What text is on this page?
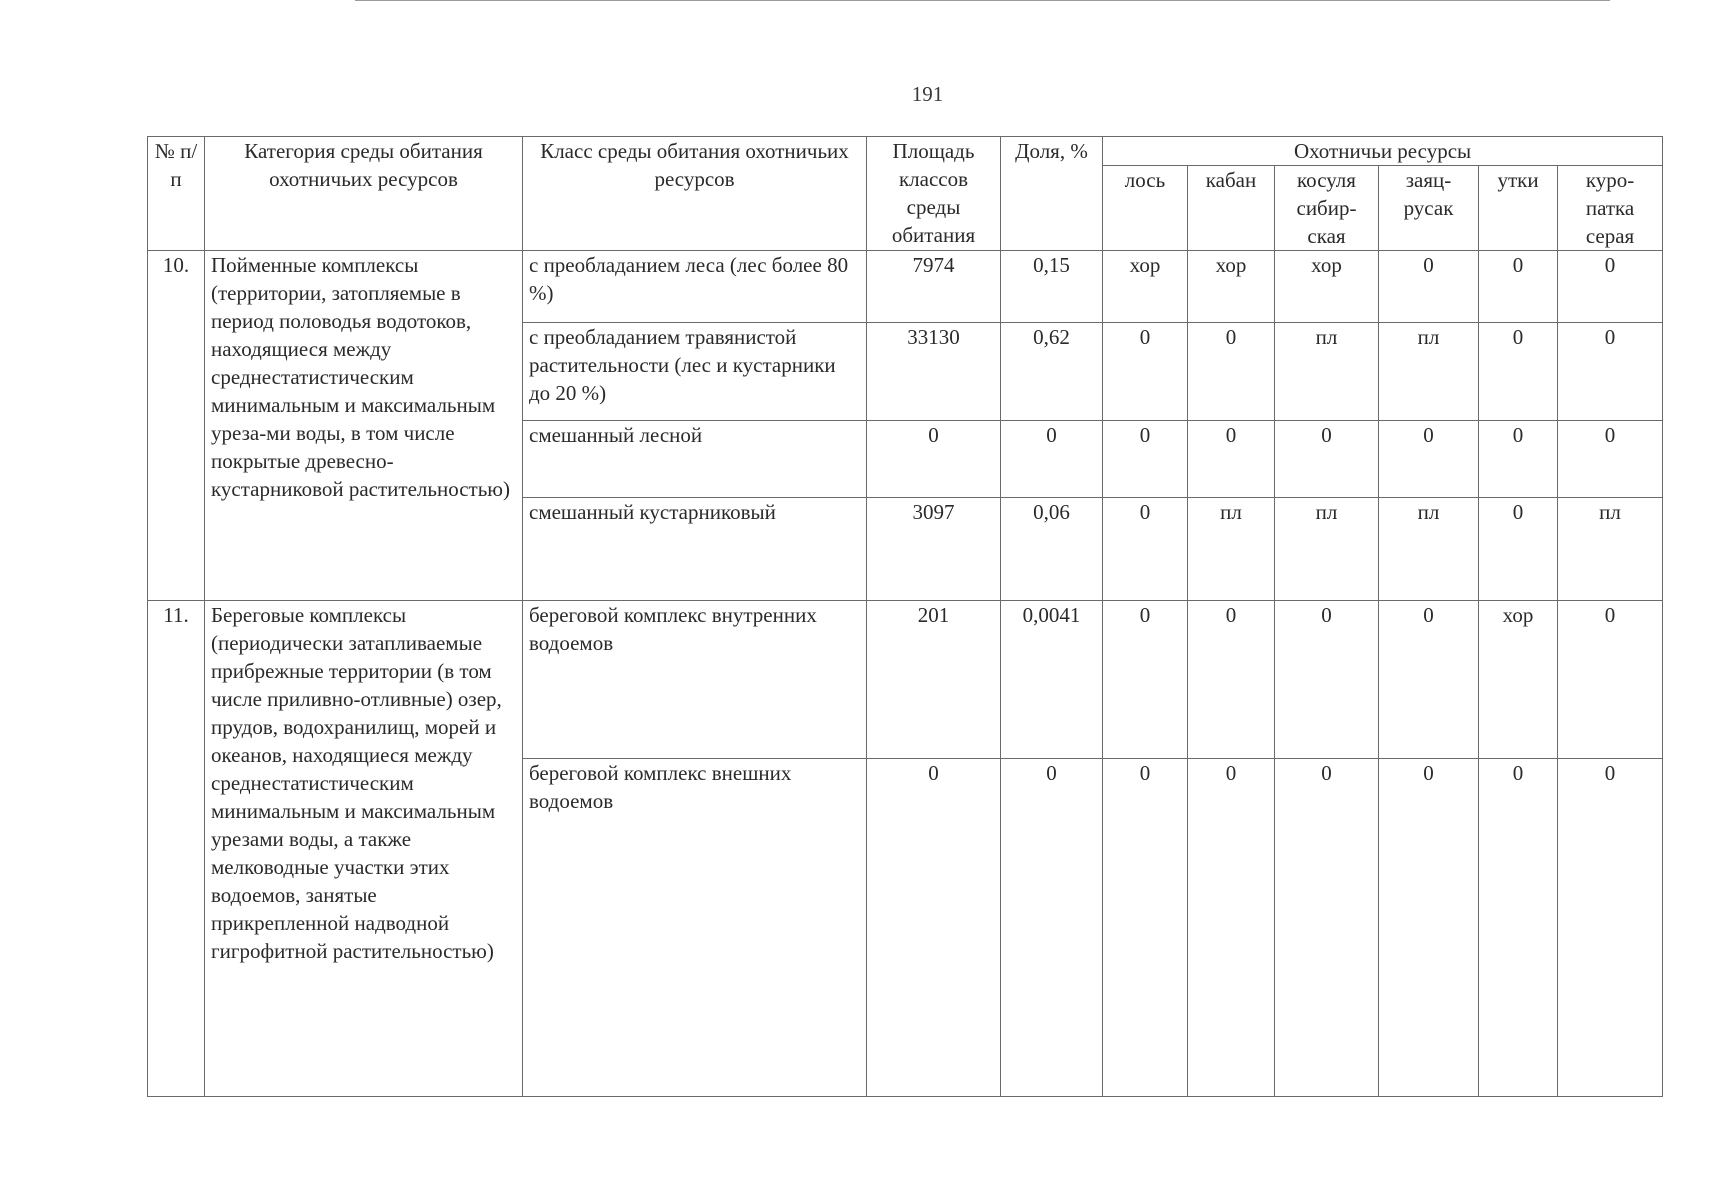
191
№ п/п	Категория среды обитания охотничьих ресурсов	Класс среды обитания охотничьих ресурсов	Площадь классов среды обитания	Доля, %	Охотничьи ресурсы					
					лось	кабан	косуля сибир-ская	заяц-русак	утки	куро-патка серая
10.	Пойменные комплексы (территории, затопляемые в период половодья водотоков, находящиеся между среднестатистическим минимальным и максимальным уреза-ми воды, в том числе покрытые древесно-кустарниковой растительностью)	с преобладанием леса (лес более 80 %)	7974	0,15	хор	хор	хор	0	0	0
		с преобладанием травянистой растительности (лес и кустарники до 20 %)	33130	0,62	0	0	пл	пл	0	0
		смешанный лесной	0	0	0	0	0	0	0	0
		смешанный кустарниковый	3097	0,06	0	пл	пл	пл	0	пл
11.	Береговые комплексы (периодически затапливаемые прибрежные территории (в том числе приливно-отливные) озер, прудов, водохранилищ, морей и океанов, находящиеся между среднестатистическим минимальным и максимальным урезами воды, а также мелководные участки этих водоемов, занятые прикрепленной надводной гигрофитной растительностью)	береговой комплекс внутренних водоемов	201	0,0041	0	0	0	0	хор	0
		береговой комплекс внешних водоемов	0	0	0	0	0	0	0	0
